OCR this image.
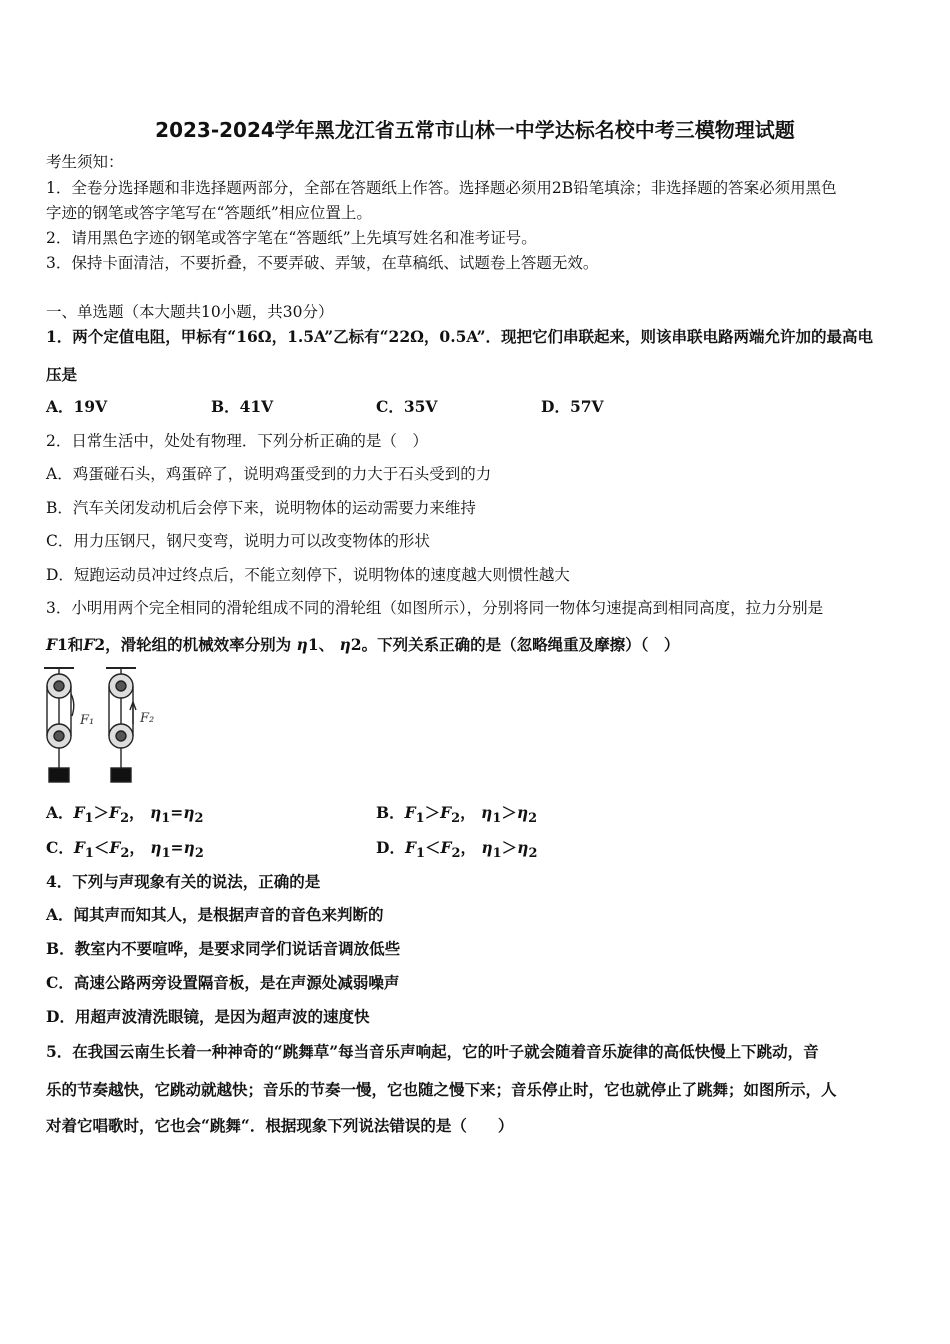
2023-2024学年黑龙江省五常市山林一中学达标名校中考三模物理试题
考生须知：
1．全卷分选择题和非选择题两部分，全部在答题纸上作答。选择题必须用2B铅笔填涂；非选择题的答案必须用黑色
字迹的钢笔或答字笔写在“答题纸”相应位置上。
2．请用黑色字迹的钢笔或答字笔在“答题纸”上先填写姓名和准考证号。
3．保持卡面清洁，不要折叠，不要弄破、弄皱，在草稿纸、试题卷上答题无效。
一、单选题（本大题共10小题，共30分）
1．两个定值电阻，甲标有“16Ω，1.5A”乙标有“22Ω，0.5A”．现把它们串联起来，则该串联电路两端允许加的最高电
压是
A．19V	B．41V	C．35V	D．57V
2．日常生活中，处处有物理．下列分析正确的是（　）
A．鸡蛋碰石头，鸡蛋碎了，说明鸡蛋受到的力大于石头受到的力
B．汽车关闭发动机后会停下来，说明物体的运动需要力来维持
C．用力压钢尺，钢尺变弯，说明力可以改变物体的形状
D．短跑运动员冲过终点后，不能立刻停下，说明物体的速度越大则惯性越大
3．小明用两个完全相同的滑轮组成不同的滑轮组（如图所示），分别将同一物体匀速提高到相同高度，拉力分别是
F1和F2，滑轮组的机械效率分别为 η1、 η2。下列关系正确的是（忽略绳重及摩擦）（　）
F₁	F₂
A．$F_1>F_2$， $\eta_1=\eta_2$	B．$F_1>F_2$， $\eta_1>\eta_2$
C．$F_1<F_2$， $\eta_1=\eta_2$	D．$F_1<F_2$， $\eta_1>\eta_2$
4．下列与声现象有关的说法，正确的是
A．闻其声而知其人，是根据声音的音色来判断的
B．教室内不要喧哗，是要求同学们说话音调放低些
C．高速公路两旁设置隔音板，是在声源处减弱噪声
D．用超声波清洗眼镜，是因为超声波的速度快
5．在我国云南生长着一种神奇的“跳舞草”每当音乐声响起，它的叶子就会随着音乐旋律的高低快慢上下跳动，音
乐的节奏越快，它跳动就越快；音乐的节奏一慢，它也随之慢下来；音乐停止时，它也就停止了跳舞；如图所示，人
对着它唱歌时，它也会“跳舞“．根据现象下列说法错误的是（　　）
